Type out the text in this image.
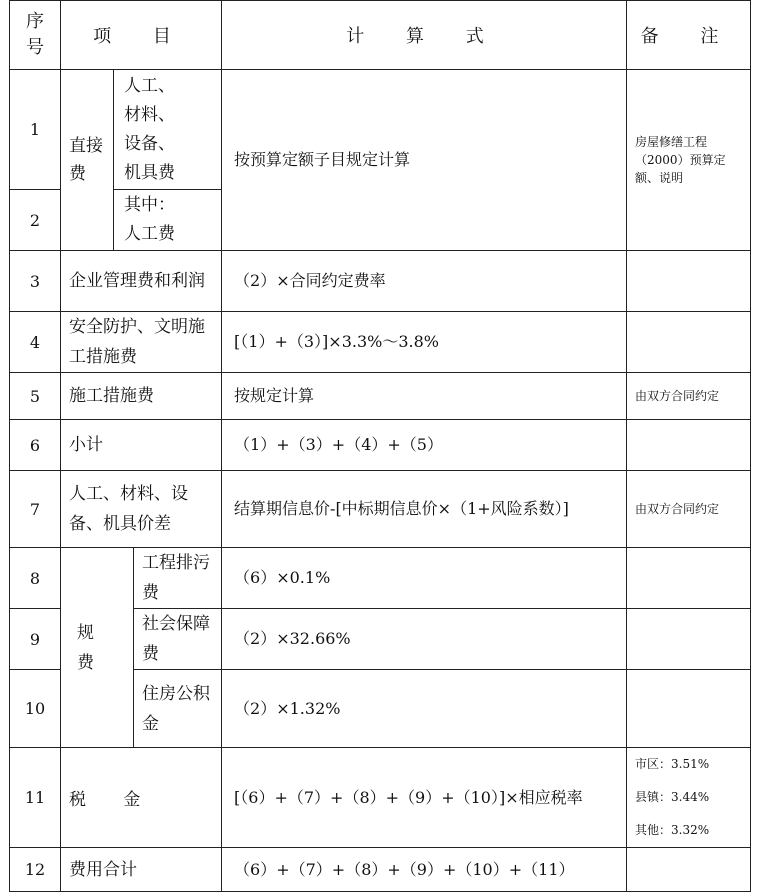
序号	项 目			计 算 式	备 注
1	直接费	人工、材料、设备、机具费		按预算定额子目规定计算	房屋修缮工程（2000）预算定额、说明

2		其中：人工费			

3	企业管理费和利润			（2）×合同约定费率	
4	安全防护、文明施工措施费			[（1）+（3）]×3.3%～3.8%	
5	施工措施费			按规定计算	由双方合同约定
6	小计			（1）+（3）+（4）+（5）	
7	人工、材料、设备、机具价差			结算期信息价-[中标期信息价×（1+风险系数）]	由双方合同约定
8	规费		工程排污费	（6）×0.1%	
9			社会保障费	（2）×32.66%	
10			住房公积金	（2）×1.32%	
11	税 金			[（6）+（7）+（8）+（9）+（10）]×相应税率	市区：3.51%
县镇：3.44%
其他：3.32%

12	费用合计			（6）+（7）+（8）+（9）+（10）+（11）	
